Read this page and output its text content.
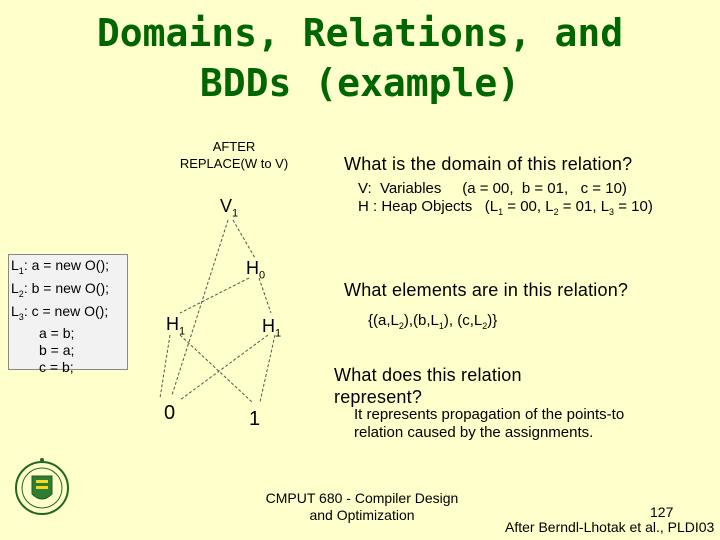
Domains, Relations, and
BDDs (example)
AFTER
REPLACE(W to V)
$V_1$
$H_0$
$H_1$	$H_1$
0	1
$L_1$: a = new O();
$L_2$: b = new O();
$L_3$: c = new O();
a = b;
b = a;
c = b;
What is the domain of this relation?
V:  Variables (a = 00,  b = 01,   c = 10)
H : Heap Objects ($L_1 = 00$, $L_2 = 01$, $L_3 = 10$)
What elements are in this relation?
{$(a,L_2),(b,L_1)$, $(c,L_2)$}
What does this relation
represent?
It represents propagation of the points-to
relation caused by the assignments.
CMPUT 680 - Compiler Design
and Optimization	127
After Berndl-Lhotak et al., PLDI03
